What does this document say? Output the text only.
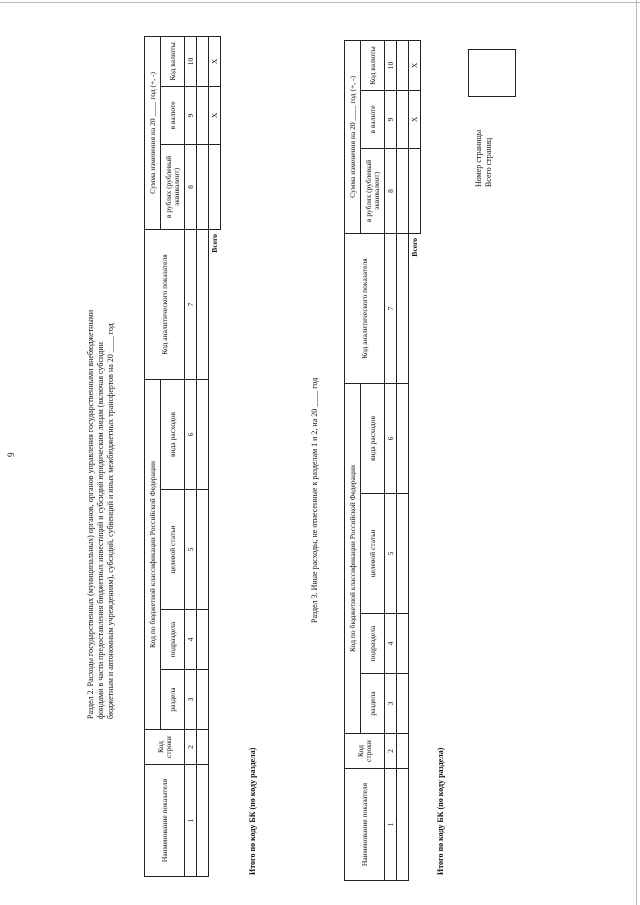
9	Раздел 2. Расходы государственных (муниципальных) органов, органов управления государственными внебюджетными фондами в части предоставления бюджетных инвестиций и субсидий юридическим лицам (включая субсидии бюджетным и автономным учреждениям), субсидий, субвенций и иных межбюджетных трансфертов на 20 ____ год
Наименование показателя	Код строки	Код по бюджетной классификации Российской Федерации				Код аналитического показателя	Сумма изменения на 20 ____ год (+, -)		
		раздела	подраздела	целевой статьи	вида расходов		в рублях (рублевый эквивалент)	в валюте	Код валюты

1	2	3	4	5	6	7	8	9	10

Всего								X	X
Итого по коду БК (по коду раздела)
Раздел 3. Иные расходы, не отнесенные к разделам 1 и 2, на 20 ____ год
Наименование показателя	Код строки	Код по бюджетной классификации Российской Федерации				Код аналитического показателя	Сумма изменения на 20 ____ год (+, -)		
		раздела	подраздела	целевой статьи	вида расходов		в рублях (рублевый эквивалент)	в валюте	Код валюты

1	2	3	4	5	6	7	8	9	10

Всего								X	X
Итого по коду БК (по коду раздела)
Номер страницы Всего страниц
